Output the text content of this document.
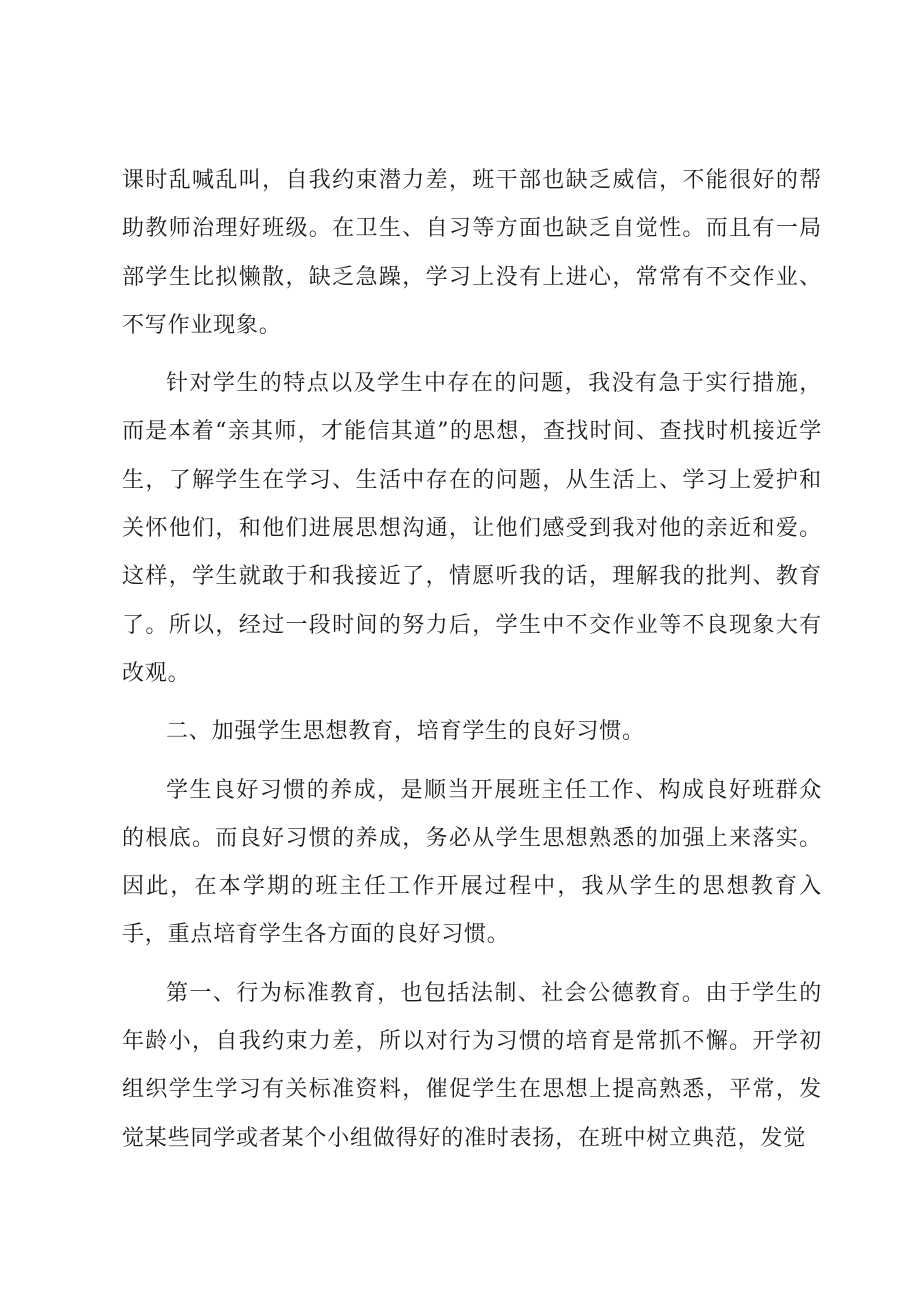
课时乱喊乱叫，自我约束潜力差，班干部也缺乏威信，不能很好的帮助教师治理好班级。在卫生、自习等方面也缺乏自觉性。而且有一局部学生比拟懒散，缺乏急躁，学习上没有上进心，常常有不交作业、不写作业现象。

针对学生的特点以及学生中存在的问题，我没有急于实行措施，而是本着“亲其师，才能信其道”的思想，查找时间、查找时机接近学生，了解学生在学习、生活中存在的问题，从生活上、学习上爱护和关怀他们，和他们进展思想沟通，让他们感受到我对他的亲近和爱。这样，学生就敢于和我接近了，情愿听我的话，理解我的批判、教育了。所以，经过一段时间的努力后，学生中不交作业等不良现象大有改观。

二、加强学生思想教育，培育学生的良好习惯。

学生良好习惯的养成，是顺当开展班主任工作、构成良好班群众的根底。而良好习惯的养成，务必从学生思想熟悉的加强上来落实。因此，在本学期的班主任工作开展过程中，我从学生的思想教育入手，重点培育学生各方面的良好习惯。

第一、行为标准教育，也包括法制、社会公德教育。由于学生的年龄小，自我约束力差，所以对行为习惯的培育是常抓不懈。开学初组织学生学习有关标准资料，催促学生在思想上提高熟悉，平常，发觉某些同学或者某个小组做得好的准时表扬，在班中树立典范，发觉
